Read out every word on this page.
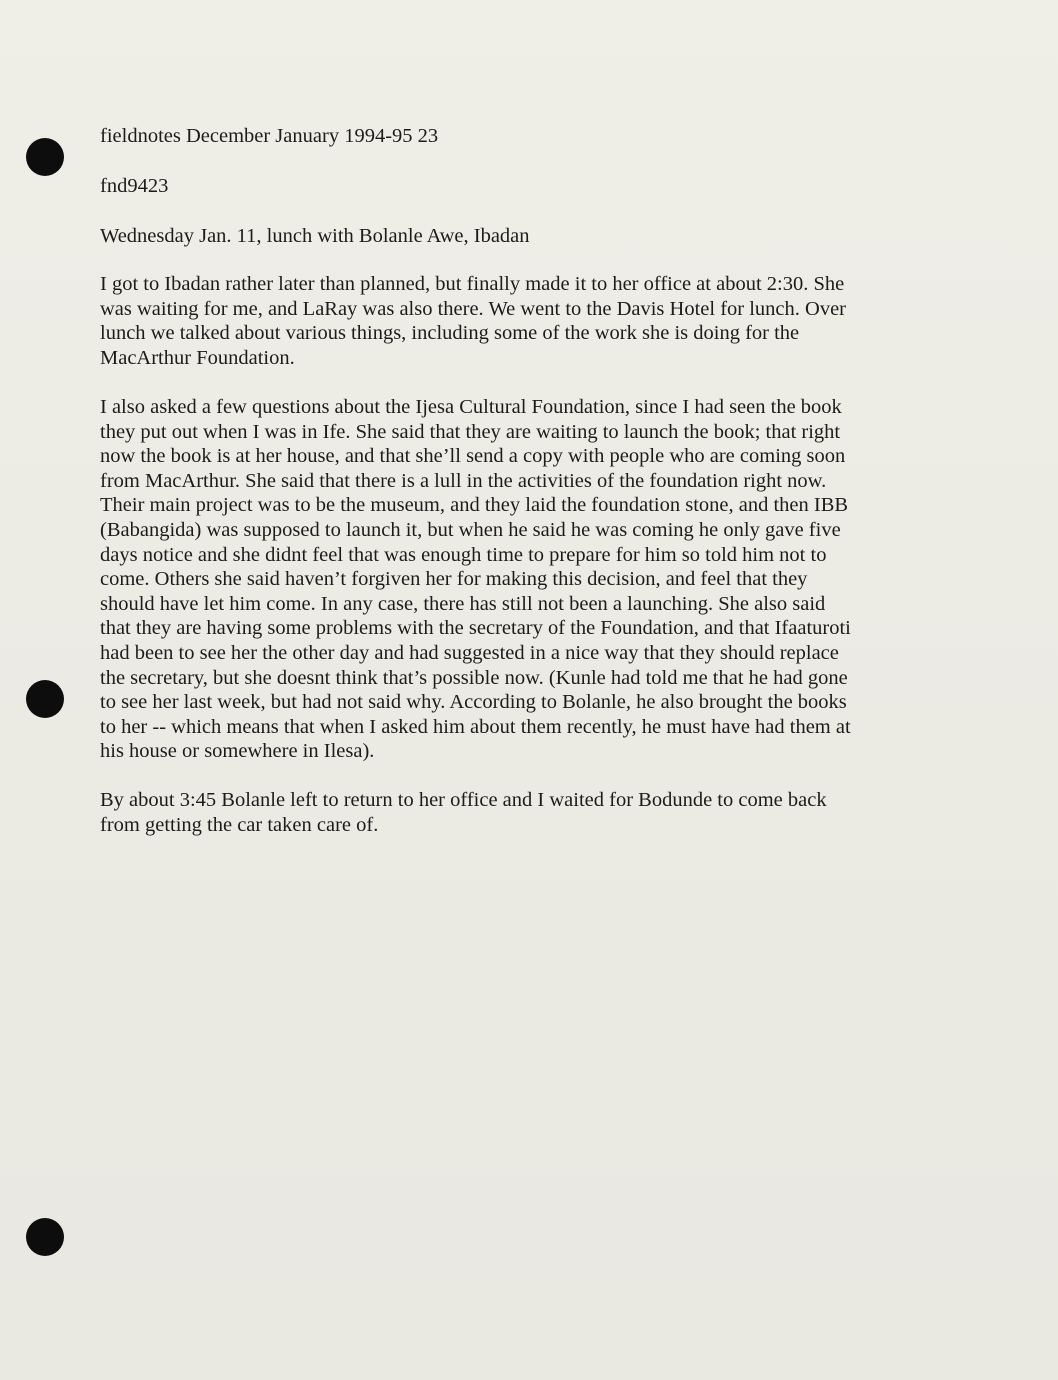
fieldnotes December January 1994-95 23
fnd9423
Wednesday Jan. 11, lunch with Bolanle Awe, Ibadan
I got to Ibadan rather later than planned, but finally made it to her office at about 2:30. She
was waiting for me, and LaRay was also there. We went to the Davis Hotel for lunch. Over
lunch we talked about various things, including some of the work she is doing for the
MacArthur Foundation.
I also asked a few questions about the Ijesa Cultural Foundation, since I had seen the book
they put out when I was in Ife. She said that they are waiting to launch the book; that right
now the book is at her house, and that she’ll send a copy with people who are coming soon
from MacArthur. She said that there is a lull in the activities of the foundation right now.
Their main project was to be the museum, and they laid the foundation stone, and then IBB
(Babangida) was supposed to launch it, but when he said he was coming he only gave five
days notice and she didnt feel that was enough time to prepare for him so told him not to
come. Others she said haven’t forgiven her for making this decision, and feel that they
should have let him come. In any case, there has still not been a launching. She also said
that they are having some problems with the secretary of the Foundation, and that Ifaaturoti
had been to see her the other day and had suggested in a nice way that they should replace
the secretary, but she doesnt think that’s possible now. (Kunle had told me that he had gone
to see her last week, but had not said why. According to Bolanle, he also brought the books
to her -- which means that when I asked him about them recently, he must have had them at
his house or somewhere in Ilesa).
By about 3:45 Bolanle left to return to her office and I waited for Bodunde to come back
from getting the car taken care of.
